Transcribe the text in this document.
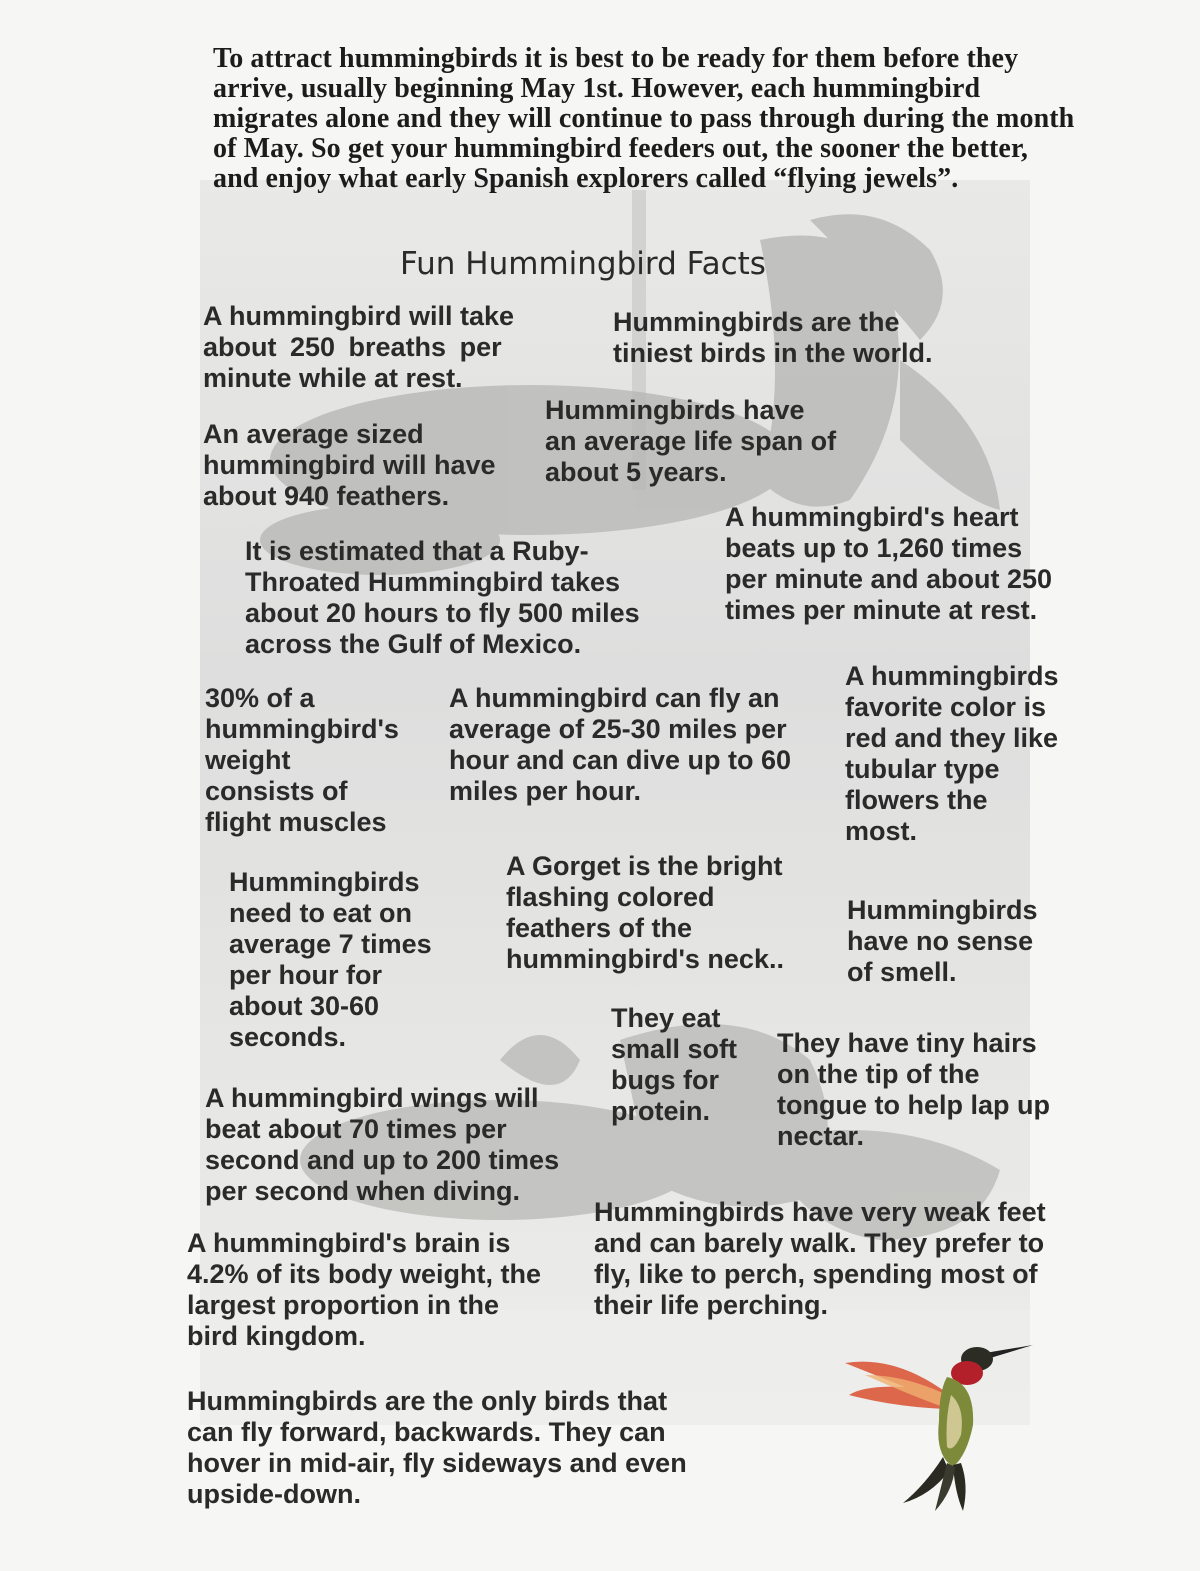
To attract hummingbirds it is best to be ready for them before they
arrive, usually beginning May 1st. However, each hummingbird
migrates alone and they will continue to pass through during the month
of May. So get your hummingbird feeders out, the sooner the better,
and enjoy what early Spanish explorers called “flying jewels”.
Fun Hummingbird Facts
A hummingbird will take
about 250 breaths per
minute while at rest.
Hummingbirds are the
tiniest birds in the world.
Hummingbirds have
an average life span of
about 5 years.
An average sized
hummingbird will have
about 940 feathers.
A hummingbird's heart
beats up to 1,260 times
per minute and about 250
times per minute at rest.
It is estimated that a Ruby-
Throated Hummingbird takes
about 20 hours to fly 500 miles
across the Gulf of Mexico.
A hummingbirds
favorite color is
red and they like
tubular type
flowers the
most.
30% of a
hummingbird's
weight
consists of
flight muscles
A hummingbird can fly an
average of 25-30 miles per
hour and can dive up to 60
miles per hour.
A Gorget is the bright
flashing colored
feathers of the
hummingbird's neck..
Hummingbirds
need to eat on
average 7 times
per hour for
about 30-60
seconds.
Hummingbirds
have no sense
of smell.
They eat
small soft
bugs for
protein.
They have tiny hairs
on the tip of the
tongue to help lap up
nectar.
A hummingbird wings will
beat about 70 times per
second and up to 200 times
per second when diving.
Hummingbirds have very weak feet
and can barely walk. They prefer to
fly, like to perch, spending most of
their life perching.
A hummingbird's brain is
4.2% of its body weight, the
largest proportion in the
bird kingdom.
Hummingbirds are the only birds that
can fly forward, backwards. They can
hover in mid-air, fly sideways and even
upside-down.
